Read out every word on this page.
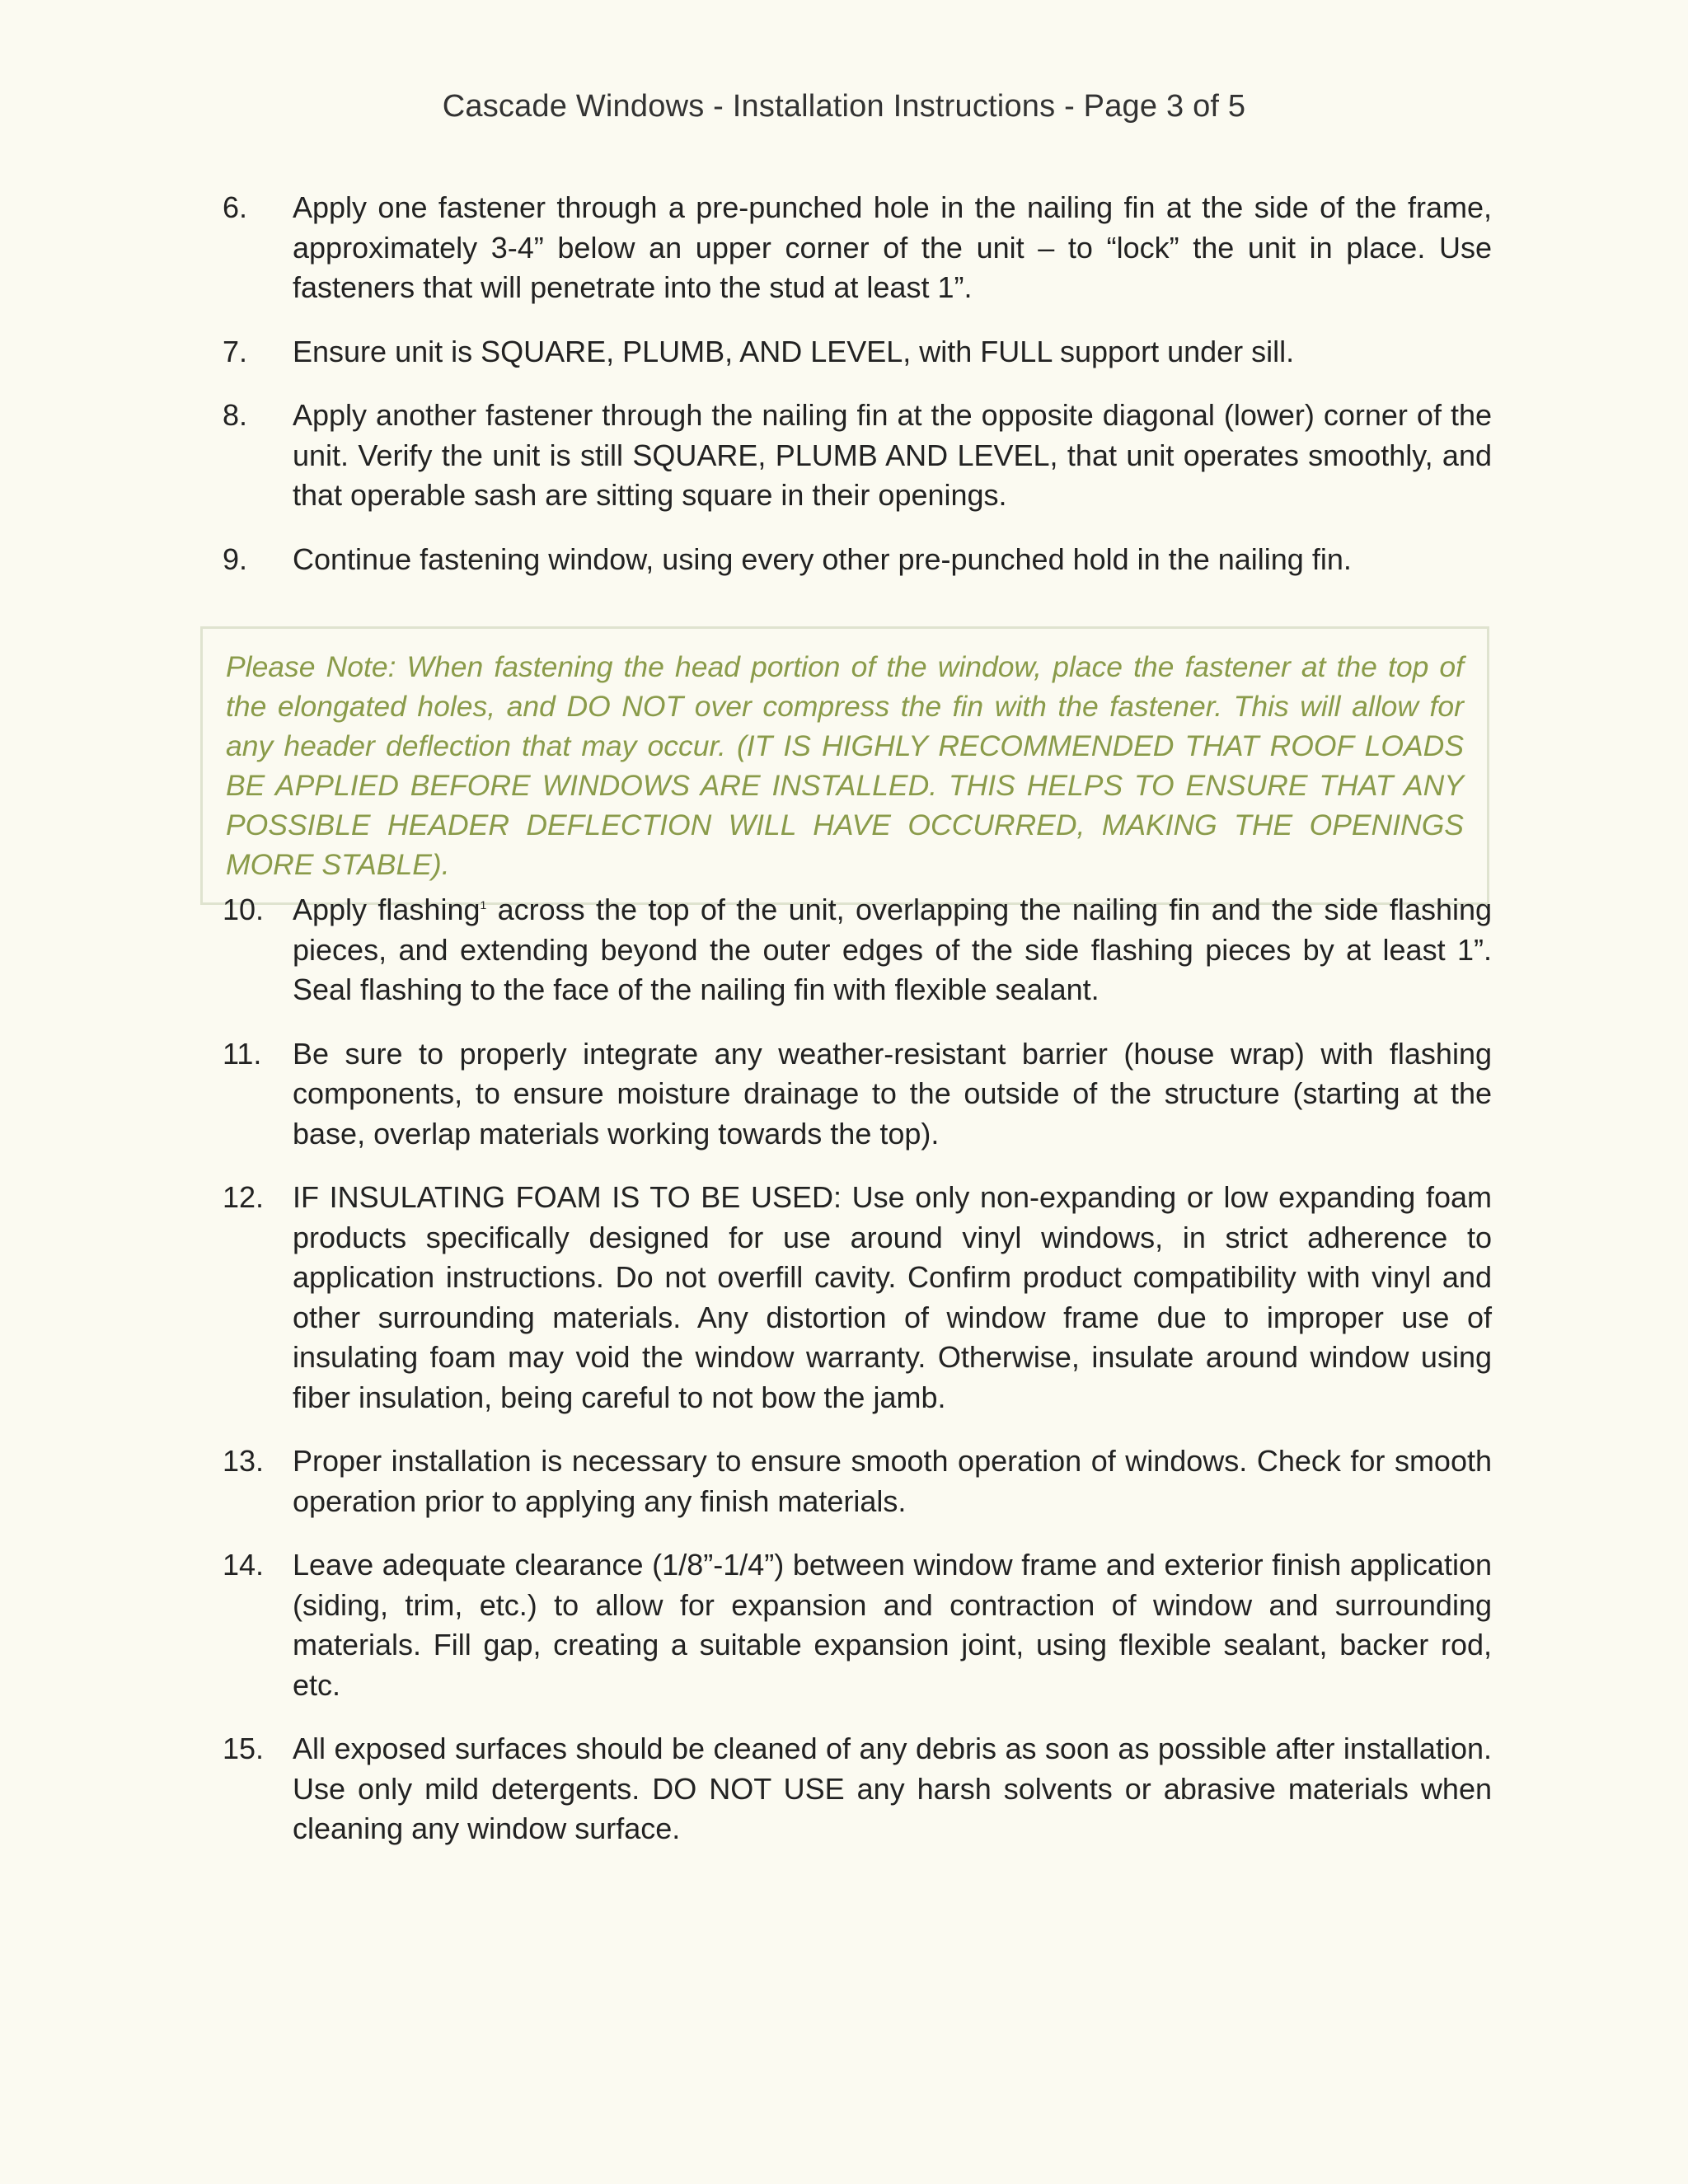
Cascade Windows - Installation Instructions - Page 3 of 5
6.	Apply one fastener through a pre-punched hole in the nailing fin at the side of the frame, approximately 3-4” below an upper corner of the unit – to “lock” the unit in place. Use fasteners that will penetrate into the stud at least 1”.
7.	Ensure unit is SQUARE, PLUMB, AND LEVEL, with FULL support under sill.
8.	Apply another fastener through the nailing fin at the opposite diagonal (lower) corner of the unit. Verify the unit is still SQUARE, PLUMB AND LEVEL, that unit operates smoothly, and that operable sash are sitting square in their openings.
9.	Continue fastening window, using every other pre-punched hold in the nailing fin.
Please Note: When fastening the head portion of the window, place the fastener at the top of the elongated holes, and DO NOT over compress the fin with the fastener. This will allow for any header deflection that may occur. (IT IS HIGHLY RECOMMENDED THAT ROOF LOADS BE APPLIED BEFORE WINDOWS ARE INSTALLED. THIS HELPS TO ENSURE THAT ANY POSSIBLE HEADER DEFLECTION WILL HAVE OCCURRED, MAKING THE OPENINGS MORE STABLE).
10. Apply flashing$^1$ across the top of the unit, overlapping the nailing fin and the side flashing pieces, and extending beyond the outer edges of the side flashing pieces by at least 1”. Seal flashing to the face of the nailing fin with flexible sealant.
11.	Be sure to properly integrate any weather-resistant barrier (house wrap) with flashing components, to ensure moisture drainage to the outside of the structure (starting at the base, overlap materials working towards the top).
12. IF INSULATING FOAM IS TO BE USED: Use only non-expanding or low expanding foam products specifically designed for use around vinyl windows, in strict adherence to application instructions. Do not overfill cavity. Confirm product compatibility with vinyl and other surrounding materials. Any distortion of window frame due to improper use of insulating foam may void the window warranty. Otherwise, insulate around window using fiber insulation, being careful to not bow the jamb.
13. Proper installation is necessary to ensure smooth operation of windows. Check for smooth operation prior to applying any finish materials.
14. Leave adequate clearance (1/8”-1/4”) between window frame and exterior finish application (siding, trim, etc.) to allow for expansion and contraction of window and surrounding materials. Fill gap, creating a suitable expansion joint, using flexible sealant, backer rod, etc.
15. All exposed surfaces should be cleaned of any debris as soon as possible after installation. Use only mild detergents. DO NOT USE any harsh solvents or abrasive materials when cleaning any window surface.
